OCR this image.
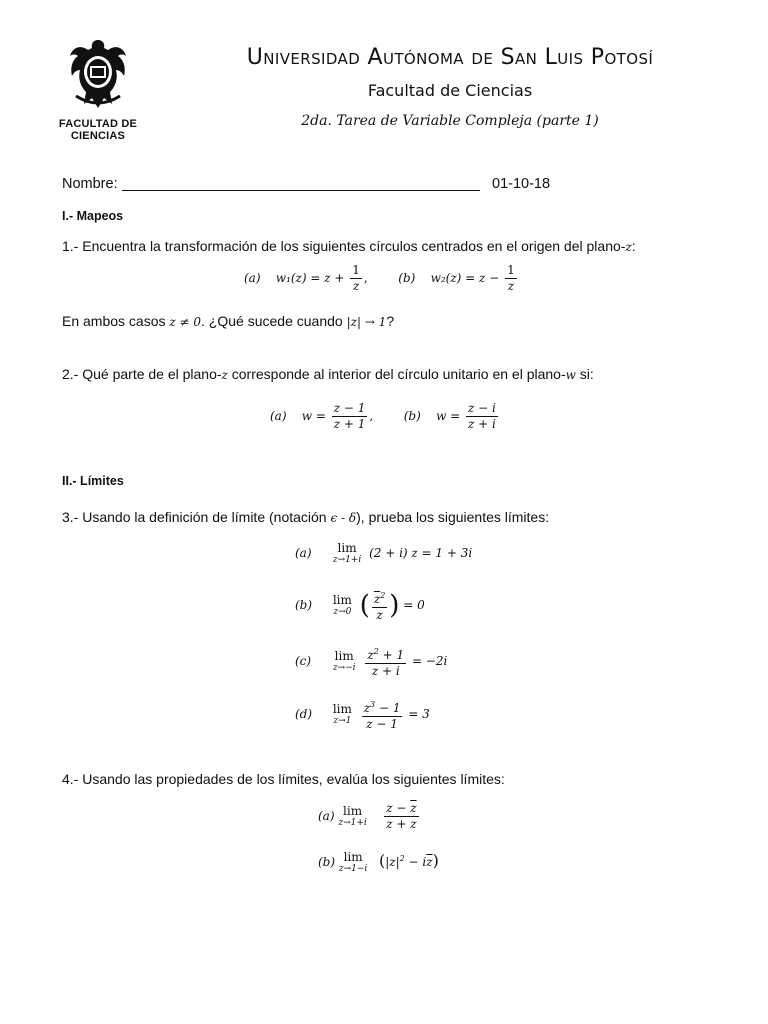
FACULTAD DE
CIENCIAS
Universidad Autónoma de San Luis Potosí
Facultad de Ciencias
2da. Tarea de Variable Compleja (parte 1)
Nombre:	01-10-18
I.- Mapeos
1.- Encuentra la transformación de los siguientes círculos centrados en el origen del plano-z:
(a) $w_1(z) = z + \frac{1}{z}$ ,	(b) $w_2(z) = z - \frac{1}{z}$
En ambos casos z ≠ 0. ¿Qué sucede cuando |z| → 1?
2.- Qué parte de el plano-z corresponde al interior del círculo unitario en el plano-w si:
(a) $w = \frac{z - 1}{z + 1}$ ,	(b) $w = \frac{z - i}{z + i}$
II.- Límites
3.- Usando la definición de límite (notación ϵ - δ), prueba los siguientes límites:
(a)	lim
z→1+i (2 + i) z = 1 + 3i
(b) lim
z→0 ( $\frac{\overline{z}^2}{z}$ ) = 0
(c) lim
z→−i
$\frac{z^2 + 1}{z + i} = -2i$
(d) lim
z→1
$\frac{z^3 - 1}{z - 1} = 3$
4.- Usando las propiedades de los límites, evalúa los siguientes límites:
(a) lim
z→1+i
$\frac{z - \overline{z}}{z + \overline{z}}$
(b) lim
z→1−i $(|z|^2 - i\overline{z})$
